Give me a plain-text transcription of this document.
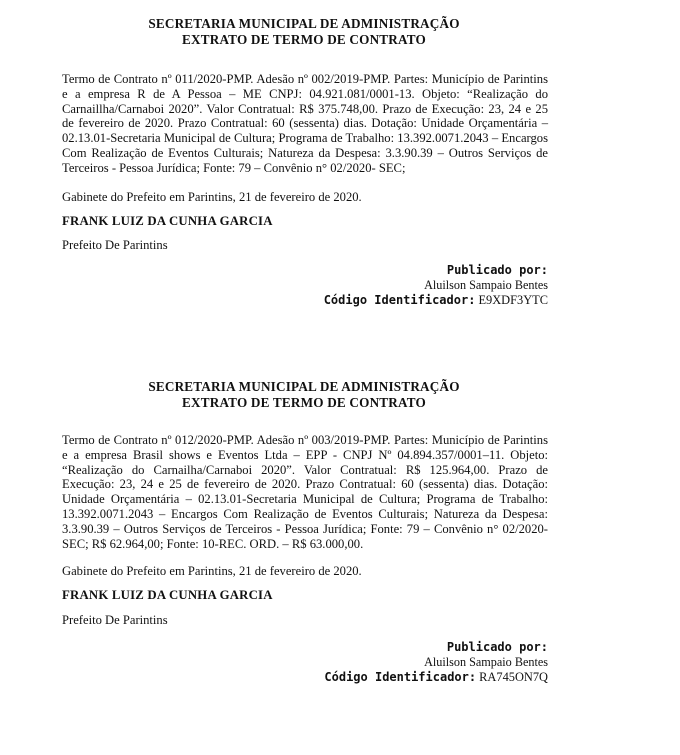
SECRETARIA MUNICIPAL DE ADMINISTRAÇÃO
EXTRATO DE TERMO DE CONTRATO

Termo de Contrato nº 011/2020-PMP. Adesão nº 002/2019-PMP. Partes: Município de Parintins e a empresa R de A Pessoa – ME CNPJ: 04.921.081/0001-13. Objeto: “Realização do Carnaillha/Carnaboi 2020”. Valor Contratual: R$ 375.748,00. Prazo de Execução: 23, 24 e 25 de fevereiro de 2020. Prazo Contratual: 60 (sessenta) dias. Dotação: Unidade Orçamentária – 02.13.01-Secretaria Municipal de Cultura; Programa de Trabalho: 13.392.0071.2043 – Encargos Com Realização de Eventos Culturais; Natureza da Despesa: 3.3.90.39 – Outros Serviços de Terceiros - Pessoa Jurídica; Fonte: 79 – Convênio n° 02/2020- SEC;

Gabinete do Prefeito em Parintins, 21 de fevereiro de 2020.

FRANK LUIZ DA CUNHA GARCIA

Prefeito De Parintins

Publicado por:
Aluilson Sampaio Bentes
Código Identificador: E9XDF3YTC
SECRETARIA MUNICIPAL DE ADMINISTRAÇÃO
EXTRATO DE TERMO DE CONTRATO

Termo de Contrato nº 012/2020-PMP. Adesão nº 003/2019-PMP. Partes: Município de Parintins e a empresa Brasil shows e Eventos Ltda – EPP - CNPJ Nº 04.894.357/0001–11. Objeto: “Realização do Carnailha/Carnaboi 2020”. Valor Contratual: R$ 125.964,00. Prazo de Execução: 23, 24 e 25 de fevereiro de 2020. Prazo Contratual: 60 (sessenta) dias. Dotação: Unidade Orçamentária – 02.13.01-Secretaria Municipal de Cultura; Programa de Trabalho: 13.392.0071.2043 – Encargos Com Realização de Eventos Culturais; Natureza da Despesa: 3.3.90.39 – Outros Serviços de Terceiros - Pessoa Jurídica; Fonte: 79 – Convênio n° 02/2020- SEC; R$ 62.964,00; Fonte: 10-REC. ORD. – R$ 63.000,00.

Gabinete do Prefeito em Parintins, 21 de fevereiro de 2020.

FRANK LUIZ DA CUNHA GARCIA

Prefeito De Parintins

Publicado por:
Aluilson Sampaio Bentes
Código Identificador: RA745ON7Q
